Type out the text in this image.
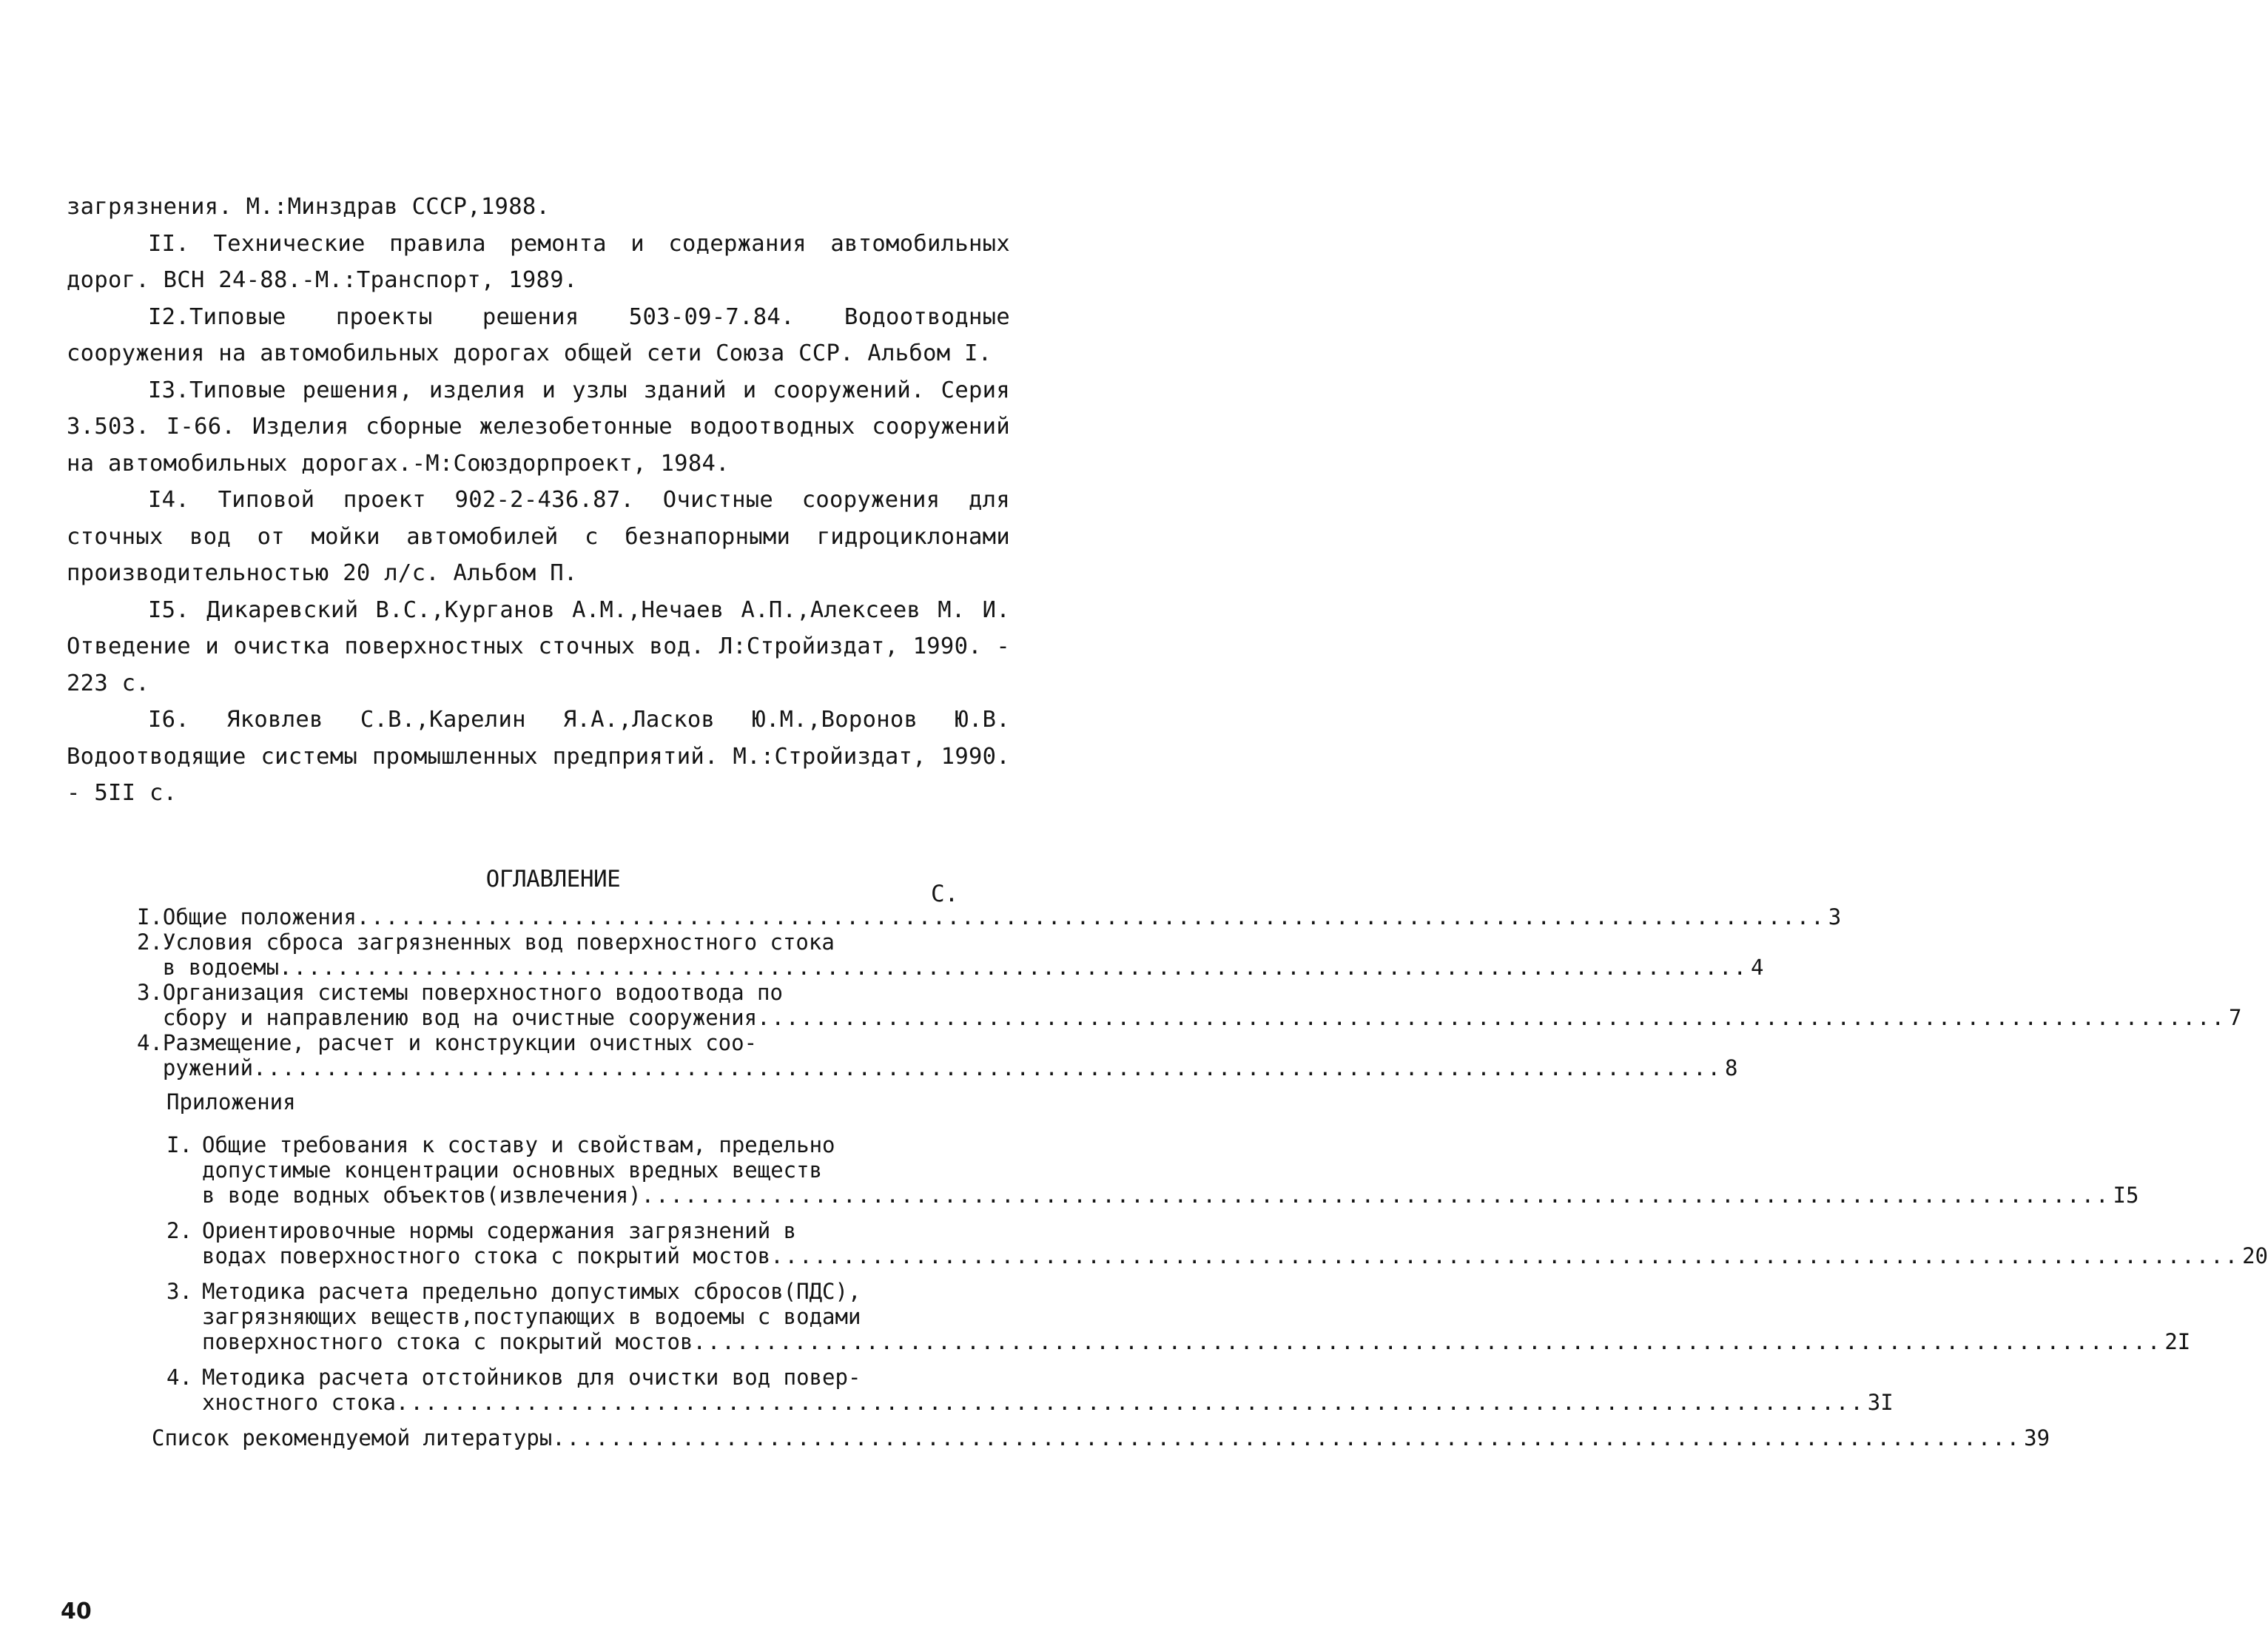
загрязнения. М.:Минздрав СССР,1988.

II. Технические правила ремонта и содержания автомобильных дорог. ВСН 24-88.-М.:Транспорт, 1989.

I2.Типовые проекты решения 503-09-7.84. Водоотводные сооружения на автомобильных дорогах общей сети Союза ССР. Альбом I.

I3.Типовые решения, изделия и узлы зданий и сооружений. Серия 3.503. I-66. Изделия сборные железобетонные водоотводных сооружений на автомобильных дорогах.-М:Союздорпроект, 1984.

I4. Типовой проект 902-2-436.87. Очистные сооружения для сточных вод от мойки автомобилей с безнапорными гидроциклонами производительностью 20 л/с. Альбом П.

I5. Дикаревский В.С.,Курганов А.М.,Нечаев А.П.,Алексеев М. И. Отведение и очистка поверхностных сточных вод. Л:Стройиздат, 1990. - 223 с.

I6. Яковлев С.В.,Карелин Я.А.,Ласков Ю.М.,Воронов Ю.В. Водоотводящие системы промышленных предприятий. М.:Стройиздат, 1990. - 5II с.

ОГЛАВЛЕНИЕ
С.
I.Общие положения ...................................................................................................... 3
2.Условия сброса загрязненных вод поверхностного стока
в водоемы ...................................................................................................... 4
3.Организация системы поверхностного водоотвода по
сбору и направлению вод на очистные сооружения ...................................................................................................... 7
4.Размещение, расчет и конструкции очистных соо-
ружений ...................................................................................................... 8
Приложения
I. Общие требования к составу и свойствам, предельно
допустимые концентрации основных вредных веществ
в воде водных объектов(извлечения) ...................................................................................................... I5
2. Ориентировочные нормы содержания загрязнений в
водах поверхностного стока с покрытий мостов ...................................................................................................... 20
3. Методика расчета предельно допустимых сбросов(ПДС),
загрязняющих веществ,поступающих в водоемы с водами
поверхностного стока с покрытий мостов ...................................................................................................... 2I
4. Методика расчета отстойников для очистки вод повер-
хностного стока ...................................................................................................... 3I
Список рекомендуемой литературы ...................................................................................................... 39
40
